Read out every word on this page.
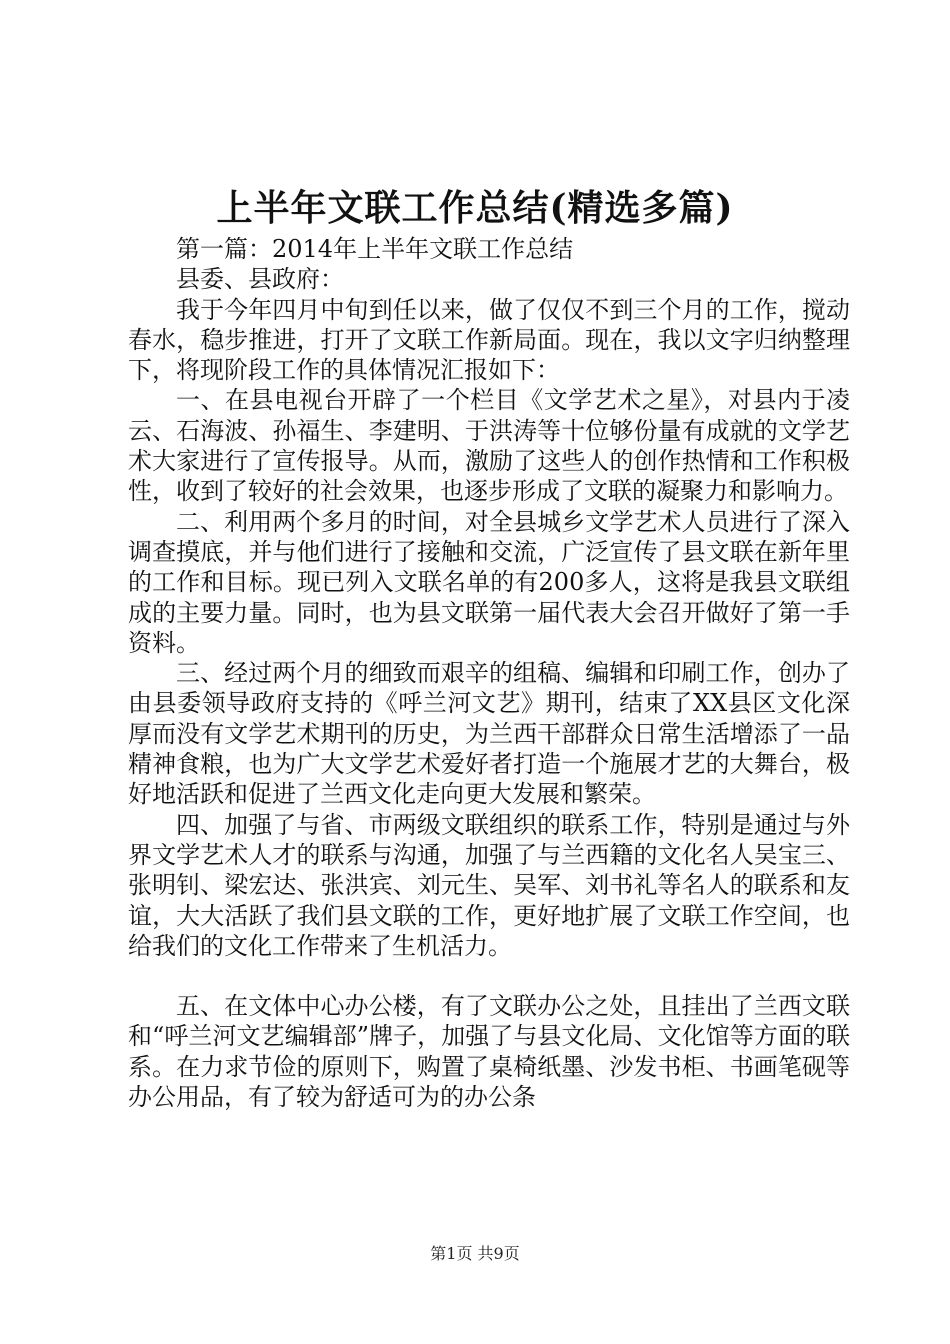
上半年文联工作总结(精选多篇)

第一篇：2014年上半年文联工作总结

县委、县政府：

我于今年四月中旬到任以来，做了仅仅不到三个月的工作，搅动春水，稳步推进，打开了文联工作新局面。现在，我以文字归纳整理下，将现阶段工作的具体情况汇报如下：

一、在县电视台开辟了一个栏目《文学艺术之星》，对县内于凌云、石海波、孙福生、李建明、于洪涛等十位够份量有成就的文学艺术大家进行了宣传报导。从而，激励了这些人的创作热情和工作积极性，收到了较好的社会效果，也逐步形成了文联的凝聚力和影响力。

二、利用两个多月的时间，对全县城乡文学艺术人员进行了深入调查摸底，并与他们进行了接触和交流，广泛宣传了县文联在新年里的工作和目标。现已列入文联名单的有200多人，这将是我县文联组成的主要力量。同时，也为县文联第一届代表大会召开做好了第一手资料。

三、经过两个月的细致而艰辛的组稿、编辑和印刷工作，创办了由县委领导政府支持的《呼兰河文艺》期刊，结束了XX县区文化深厚而没有文学艺术期刊的历史，为兰西干部群众日常生活增添了一品精神食粮，也为广大文学艺术爱好者打造一个施展才艺的大舞台，极好地活跃和促进了兰西文化走向更大发展和繁荣。

四、加强了与省、市两级文联组织的联系工作，特别是通过与外界文学艺术人才的联系与沟通，加强了与兰西籍的文化名人吴宝三、张明钊、梁宏达、张洪宾、刘元生、吴军、刘书礼等名人的联系和友谊，大大活跃了我们县文联的工作，更好地扩展了文联工作空间，也给我们的文化工作带来了生机活力。

五、在文体中心办公楼，有了文联办公之处，且挂出了兰西文联和“呼兰河文艺编辑部”牌子，加强了与县文化局、文化馆等方面的联系。在力求节俭的原则下，购置了桌椅纸墨、沙发书柜、书画笔砚等办公用品，有了较为舒适可为的办公条

第1页 共9页
